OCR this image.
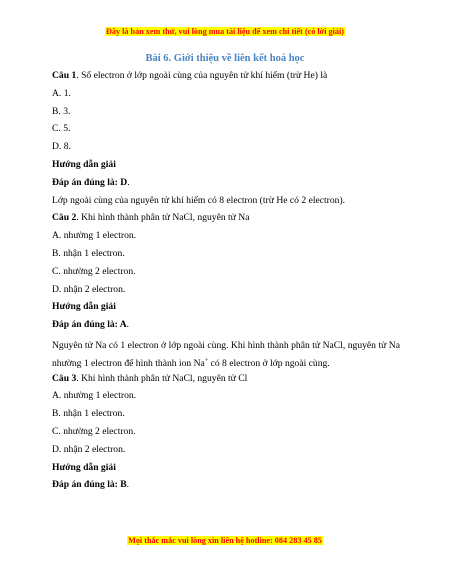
Đây là bản xem thử, vui lòng mua tài liệu để xem chi tiết (có lời giải)
Bài 6. Giới thiệu về liên kết hoá học

Câu 1. Số electron ở lớp ngoài cùng của nguyên tử khí hiếm (trừ He) là

A. 1.

B. 3.

C. 5.

D. 8.

Hướng dẫn giải

Đáp án đúng là: D.

Lớp ngoài cùng của nguyên tử khí hiếm có 8 electron (trừ He có 2 electron).

Câu 2. Khi hình thành phân tử NaCl, nguyên tử Na

A. nhường 1 electron.

B. nhận 1 electron.

C. nhường 2 electron.

D. nhận 2 electron.

Hướng dẫn giải

Đáp án đúng là: A.

Nguyên tử Na có 1 electron ở lớp ngoài cùng. Khi hình thành phân tử NaCl, nguyên tử Na nhường 1 electron để hình thành ion Na+ có 8 electron ở lớp ngoài cùng.

Câu 3. Khi hình thành phân tử NaCl, nguyên tử Cl

A. nhường 1 electron.

B. nhận 1 electron.

C. nhường 2 electron.

D. nhận 2 electron.

Hướng dẫn giải

Đáp án đúng là: B.

Mọi thắc mắc vui lòng xin liên hệ hotline: 084 283 45 85
